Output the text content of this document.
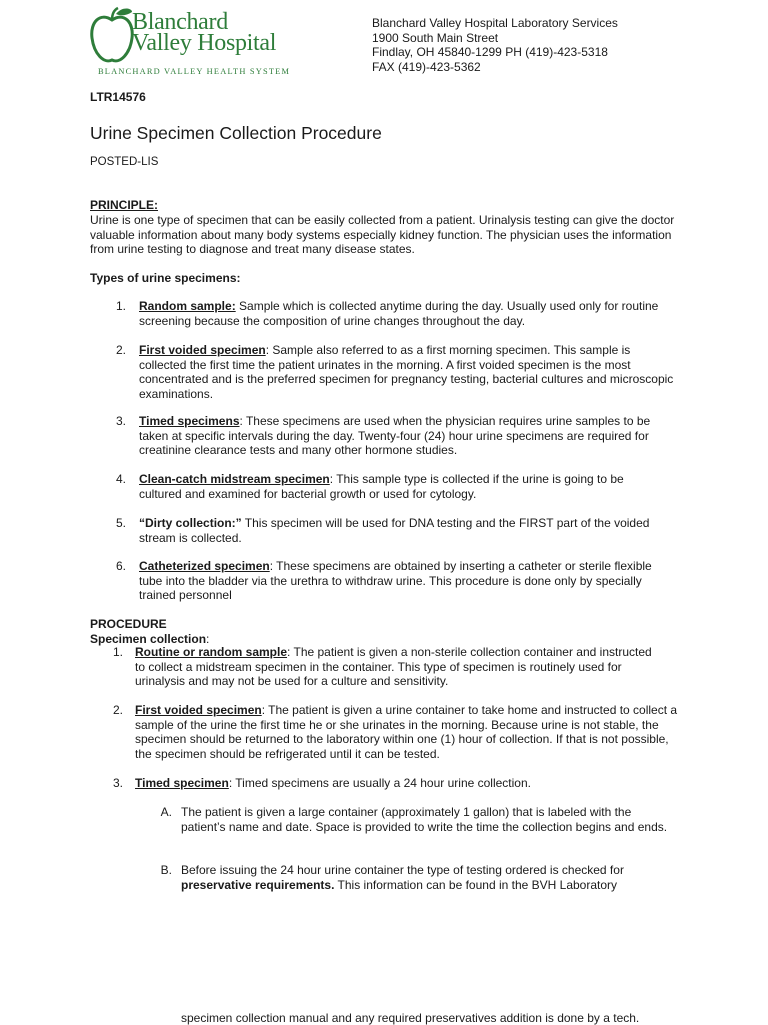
Blanchard
Valley Hospital
BLANCHARD VALLEY HEALTH SYSTEM
Blanchard Valley Hospital Laboratory Services
1900 South Main Street
Findlay, OH 45840-1299 PH (419)-423-5318
FAX (419)-423-5362
LTR14576
Urine Specimen Collection Procedure
POSTED-LIS
PRINCIPLE:
Urine is one type of specimen that can be easily collected from a patient. Urinalysis testing can give the doctor valuable information about many body systems especially kidney function. The physician uses the information from urine testing to diagnose and treat many disease states.
Types of urine specimens:
1. Random sample: Sample which is collected anytime during the day. Usually used only for routine screening because the composition of urine changes throughout the day.
2. First voided specimen: Sample also referred to as a first morning specimen. This sample is collected the first time the patient urinates in the morning. A first voided specimen is the most concentrated and is the preferred specimen for pregnancy testing, bacterial cultures and microscopic examinations.
3. Timed specimens: These specimens are used when the physician requires urine samples to be taken at specific intervals during the day. Twenty-four (24) hour urine specimens are required for creatinine clearance tests and many other hormone studies.
4. Clean-catch midstream specimen: This sample type is collected if the urine is going to be cultured and examined for bacterial growth or used for cytology.
5. “Dirty collection:” This specimen will be used for DNA testing and the FIRST part of the voided stream is collected.
6. Catheterized specimen: These specimens are obtained by inserting a catheter or sterile flexible tube into the bladder via the urethra to withdraw urine. This procedure is done only by specially trained personnel
PROCEDURE
Specimen collection:
1. Routine or random sample: The patient is given a non-sterile collection container and instructed to collect a midstream specimen in the container. This type of specimen is routinely used for urinalysis and may not be used for a culture and sensitivity.
2. First voided specimen: The patient is given a urine container to take home and instructed to collect a sample of the urine the first time he or she urinates in the morning. Because urine is not stable, the specimen should be returned to the laboratory within one (1) hour of collection. If that is not possible, the specimen should be refrigerated until it can be tested.
3. Timed specimen: Timed specimens are usually a 24 hour urine collection.
A. The patient is given a large container (approximately 1 gallon) that is labeled with the patient’s name and date. Space is provided to write the time the collection begins and ends.
B. Before issuing the 24 hour urine container the type of testing ordered is checked for preservative requirements. This information can be found in the BVH Laboratory
specimen collection manual and any required preservatives addition is done by a tech.
